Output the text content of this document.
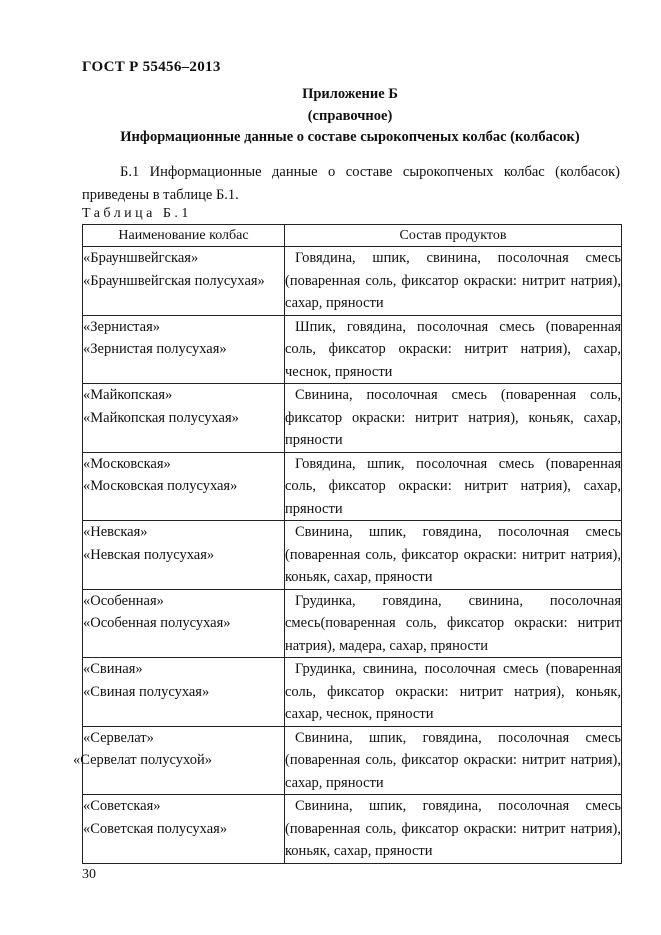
ГОСТ Р 55456–2013
Приложение Б
(справочное)
Информационные данные о составе сырокопченых колбас (колбасок)
Б.1 Информационные данные о составе сырокопченых колбас (колбасок) приведены в таблице Б.1.
Таблица Б.1
Наименование колбас	Состав продуктов

«Брауншвейгская»
«Брауншвейгская полусухая»	Говядина, шпик, свинина, посолочная смесь (поваренная соль, фиксатор окраски: нитрит натрия), сахар, пряности

«Зернистая»
«Зернистая полусухая»	Шпик, говядина, посолочная смесь (поваренная соль, фиксатор окраски: нитрит натрия), сахар, чеснок, пряности

«Майкопская»
«Майкопская полусухая»	Свинина, посолочная смесь (поваренная соль, фиксатор окраски: нитрит натрия), коньяк, сахар, пряности

«Московская»
«Московская полусухая»	Говядина, шпик, посолочная смесь (поваренная соль, фиксатор окраски: нитрит натрия), сахар, пряности

«Невская»
«Невская полусухая»	Свинина, шпик, говядина, посолочная смесь (поваренная соль, фиксатор окраски: нитрит натрия), коньяк, сахар, пряности

«Особенная»
«Особенная полусухая»	Грудинка, говядина, свинина, посолочная смесь(поваренная соль, фиксатор окраски: нитрит натрия), мадера, сахар, пряности

«Свиная»
«Свиная полусухая»	Грудинка, свинина, посолочная смесь (поваренная соль, фиксатор окраски: нитрит натрия), коньяк, сахар, чеснок, пряности

«Сервелат»
«Сервелат полусухой»	Свинина, шпик, говядина, посолочная смесь (поваренная соль, фиксатор окраски: нитрит натрия), сахар, пряности

«Советская»
«Советская полусухая»	Свинина, шпик, говядина, посолочная смесь (поваренная соль, фиксатор окраски: нитрит натрия), коньяк, сахар, пряности
30
